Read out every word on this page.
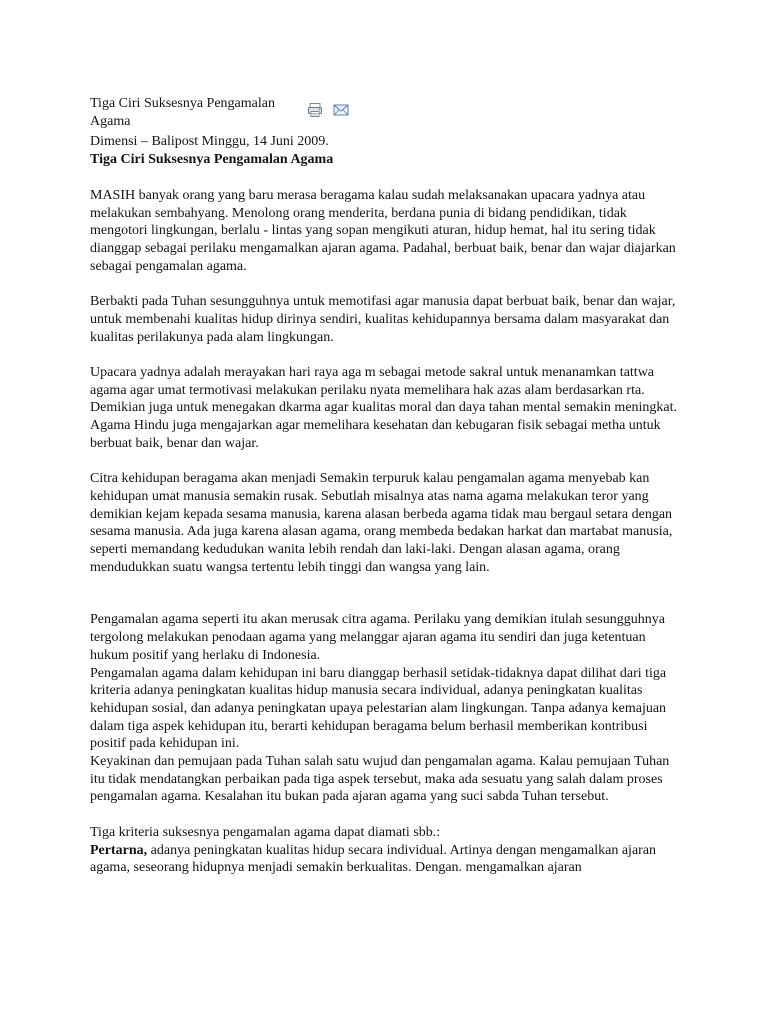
Tiga Ciri Suksesnya Pengamalan Agama

Dimensi – Balipost Minggu, 14 Juni 2009.
Tiga Ciri Suksesnya Pengamalan Agama

MASIH banyak orang yang baru merasa beragama kalau sudah melaksanakan upacara yadnya atau melakukan sembahyang. Menolong orang menderita, berdana punia di bidang pendidikan, tidak mengotori lingkungan, berlalu - lintas yang sopan mengikuti aturan, hidup hemat, hal itu sering tidak dianggap sebagai perilaku mengamalkan ajaran agama. Padahal, berbuat baik, benar dan wajar diajarkan sebagai pengamalan agama.

Berbakti pada Tuhan sesungguhnya untuk memotifasi agar manusia dapat berbuat baik, benar dan wajar, untuk membenahi kualitas hidup dirinya sendiri, kualitas kehidupannya bersama dalam masyarakat dan kualitas perilakunya pada alam lingkungan.

Upacara yadnya adalah merayakan hari raya aga m sebagai metode sakral untuk menanamkan tattwa agama agar umat termotivasi melakukan perilaku nyata memelihara hak azas alam berdasarkan rta. Demikian juga untuk menegakan dkarma agar kualitas moral dan daya tahan mental semakin meningkat. Agama Hindu juga mengajarkan agar memelihara kesehatan dan kebugaran fisik sebagai metha untuk berbuat baik, benar dan wajar.

Citra kehidupan beragama akan menjadi Semakin terpuruk kalau pengamalan agama menyebab kan kehidupan umat manusia semakin rusak. Sebutlah misalnya atas nama agama melakukan teror yang demikian kejam kepada sesama manusia, karena alasan berbeda agama tidak mau bergaul setara dengan sesama manusia. Ada juga karena alasan agama, orang membeda bedakan harkat dan martabat manusia, seperti memandang kedudukan wanita lebih rendah dan laki-laki. Dengan alasan agama, orang mendudukkan suatu wangsa tertentu lebih tinggi dan wangsa yang lain.

Pengamalan agama seperti itu akan merusak citra agama. Perilaku yang demikian itulah sesungguhnya tergolong melakukan penodaan agama yang melanggar ajaran agama itu sendiri dan juga ketentuan hukum positif yang herlaku di Indonesia.

Pengamalan agama dalam kehidupan ini baru dianggap berhasil setidak-tidaknya dapat dilihat dari tiga kriteria adanya peningkatan kualitas hidup manusia secara individual, adanya peningkatan kualitas kehidupan sosial, dan adanya peningkatan upaya pelestarian alam lingkungan. Tanpa adanya kemajuan dalam tiga aspek kehidupan itu, berarti kehidupan beragama belum berhasil memberikan kontribusi positif pada kehidupan ini.

Keyakinan dan pemujaan pada Tuhan salah satu wujud dan pengamalan agama. Kalau pemujaan Tuhan itu tidak mendatangkan perbaikan pada tiga aspek tersebut, maka ada sesuatu yang salah dalam proses pengamalan agama. Kesalahan itu bukan pada ajaran agama yang suci sabda Tuhan tersebut.

Tiga kriteria suksesnya pengamalan agama dapat diamati sbb.:

Pertarna, adanya peningkatan kualitas hidup secara individual. Artinya dengan mengamalkan ajaran agama, seseorang hidupnya menjadi semakin berkualitas. Dengan. mengamalkan ajaran
